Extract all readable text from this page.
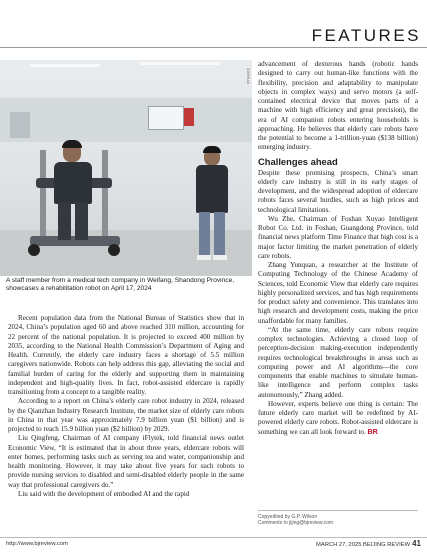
FEATURES
XINHUA
A staff member from a medical tech company in Weifang, Shandong Province, showcases a rehabilitation robot on April 17, 2024

Recent population data from the National Bureau of Statistics show that in 2024, China’s population aged 60 and above reached 310 million, accounting for 22 percent of the national population. It is projected to exceed 400 million by 2035, according to the National Health Commission’s Department of Aging and Health. Currently, the elderly care industry faces a shortage of 5.5 million caregivers nationwide. Robots can help address this gap, alleviating the social and familial burden of caring for the elderly and supporting them in maintaining independent and high-quality lives. In fact, robot-assisted eldercare is rapidly transitioning from a concept to a tangible reality.

According to a report on China’s elderly care robot industry in 2024, released by the Qianzhan Industry Research Institute, the market size of elderly care robots in China in that year was approximately 7.9 billion yuan ($1 billion) and is projected to reach 15.9 billion yuan ($2 billion) by 2029.

Liu Qingfeng, Chairman of AI company iFlytek, told financial news outlet Economic View, “It is estimated that in about three years, eldercare robots will enter homes, performing tasks such as serving tea and water, companionship and health monitoring. However, it may take about five years for such robots to provide nursing services to disabled and semi-disabled elderly people in the same way that professional caregivers do.”

Liu said with the development of embodied AI and the rapid

advancement of dexterous hands (robotic hands designed to carry out human-like functions with the flexibility, precision and adaptability to manipulate objects in complex ways) and servo motors (a self-contained electrical device that moves parts of a machine with high efficiency and great precision), the era of AI companion robots entering households is approaching. He believes that elderly care robots have the potential to become a 1-trillion-yuan ($138 billion) emerging industry.

Challenges ahead

Despite these promising prospects, China’s smart elderly care industry is still in its early stages of development, and the widespread adoption of eldercare robots faces several hurdles, such as high prices and technological limitations.

Wu Zhe, Chairman of Foshan Xuyao Intelligent Robot Co. Ltd. in Foshan, Guangdong Province, told financial news platform Time Finance that high cost is a major factor limiting the market penetration of elderly care robots.

Zhang Yunquan, a researcher at the Institute of Computing Technology of the Chinese Academy of Sciences, told Economic View that elderly care requires highly personalized services, and has high requirements for product safety and convenience. This translates into high research and development costs, making the price unaffordable for many families.

“At the same time, elderly care robots require complex technologies. Achieving a closed loop of perception-decision making-execution independently requires technological breakthroughs in areas such as computing power and AI algorithms—the core components that enable machines to simulate human-like intelligence and perform complex tasks autonomously,” Zhang added.

However, experts believe one thing is certain: The future elderly care market will be redefined by AI-powered elderly care robots. Robot-assisted eldercare is something we can all look forward to. BR

Copyedited by G.P. Wilson
Comments to jijing@bjreview.com
http://www.bjreview.com	MARCH 27, 2025 BEIJING REVIEW 41
